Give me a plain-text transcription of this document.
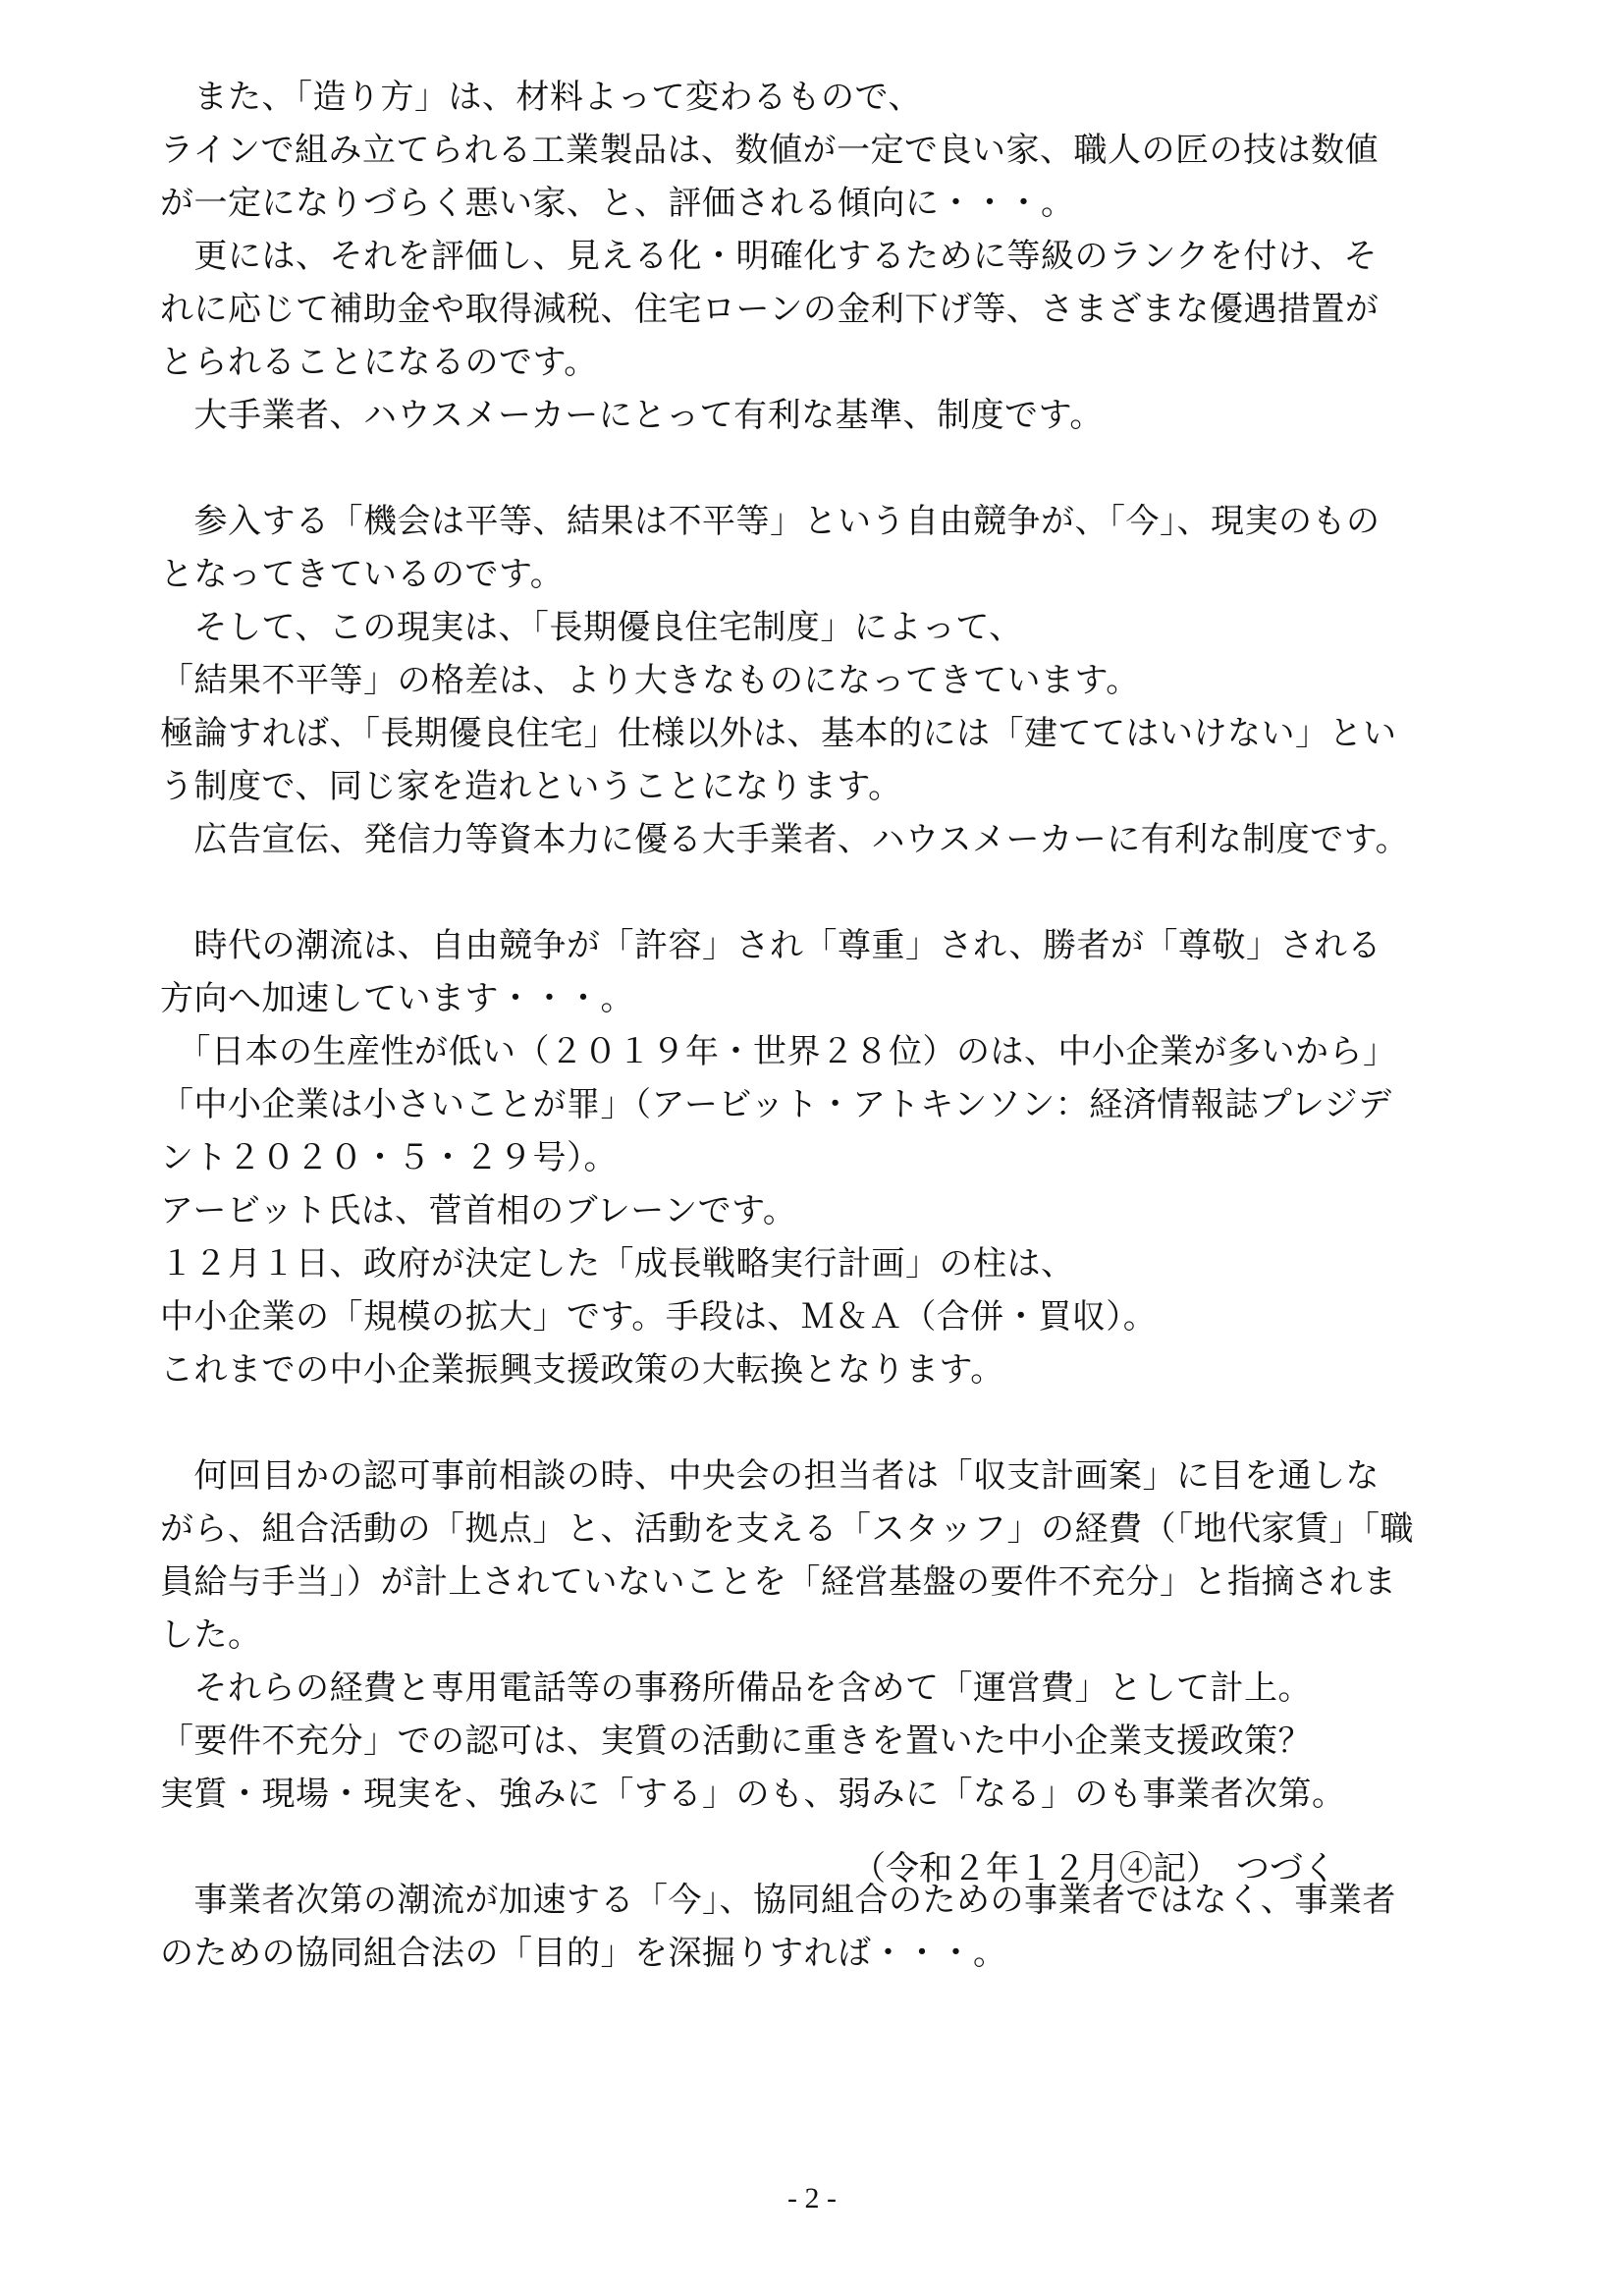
　また、「造り方」は、材料よって変わるもので、
ラインで組み立てられる工業製品は、数値が一定で良い家、職人の匠の技は数値
が一定になりづらく悪い家、と、評価される傾向に・・・。
　更には、それを評価し、見える化・明確化するために等級のランクを付け、そ
れに応じて補助金や取得減税、住宅ローンの金利下げ等、さまざまな優遇措置が
とられることになるのです。
　大手業者、ハウスメーカーにとって有利な基準、制度です。
　参入する「機会は平等、結果は不平等」という自由競争が、「今」、現実のもの
となってきているのです。
　そして、この現実は、「長期優良住宅制度」によって、
「結果不平等」の格差は、より大きなものになってきています。
極論すれば、「長期優良住宅」仕様以外は、基本的には「建ててはいけない」とい
う制度で、同じ家を造れということになります。
　広告宣伝、発信力等資本力に優る大手業者、ハウスメーカーに有利な制度です。
　時代の潮流は、自由競争が「許容」され「尊重」され、勝者が「尊敬」される
方向へ加速しています・・・。
　「日本の生産性が低い（２０１９年・世界２８位）のは、中小企業が多いから」
「中小企業は小さいことが罪」（アービット・アトキンソン：経済情報誌プレジデ
ント２０２０・５・２９号）。
アービット氏は、菅首相のブレーンです。
１２月１日、政府が決定した「成長戦略実行計画」の柱は、
中小企業の「規模の拡大」です。手段は、Ｍ＆Ａ（合併・買収）。
これまでの中小企業振興支援政策の大転換となります。
　何回目かの認可事前相談の時、中央会の担当者は「収支計画案」に目を通しな
がら、組合活動の「拠点」と、活動を支える「スタッフ」の経費（「地代家賃」「職
員給与手当」）が計上されていないことを「経営基盤の要件不充分」と指摘されま
した。
　それらの経費と専用電話等の事務所備品を含めて「運営費」として計上。
「要件不充分」での認可は、実質の活動に重きを置いた中小企業支援政策？
実質・現場・現実を、強みに「する」のも、弱みに「なる」のも事業者次第。
　事業者次第の潮流が加速する「今」、協同組合のための事業者ではなく、事業者
のための協同組合法の「目的」を深掘りすれば・・・。
（令和２年１２月④記）　つづく
- 2 -
